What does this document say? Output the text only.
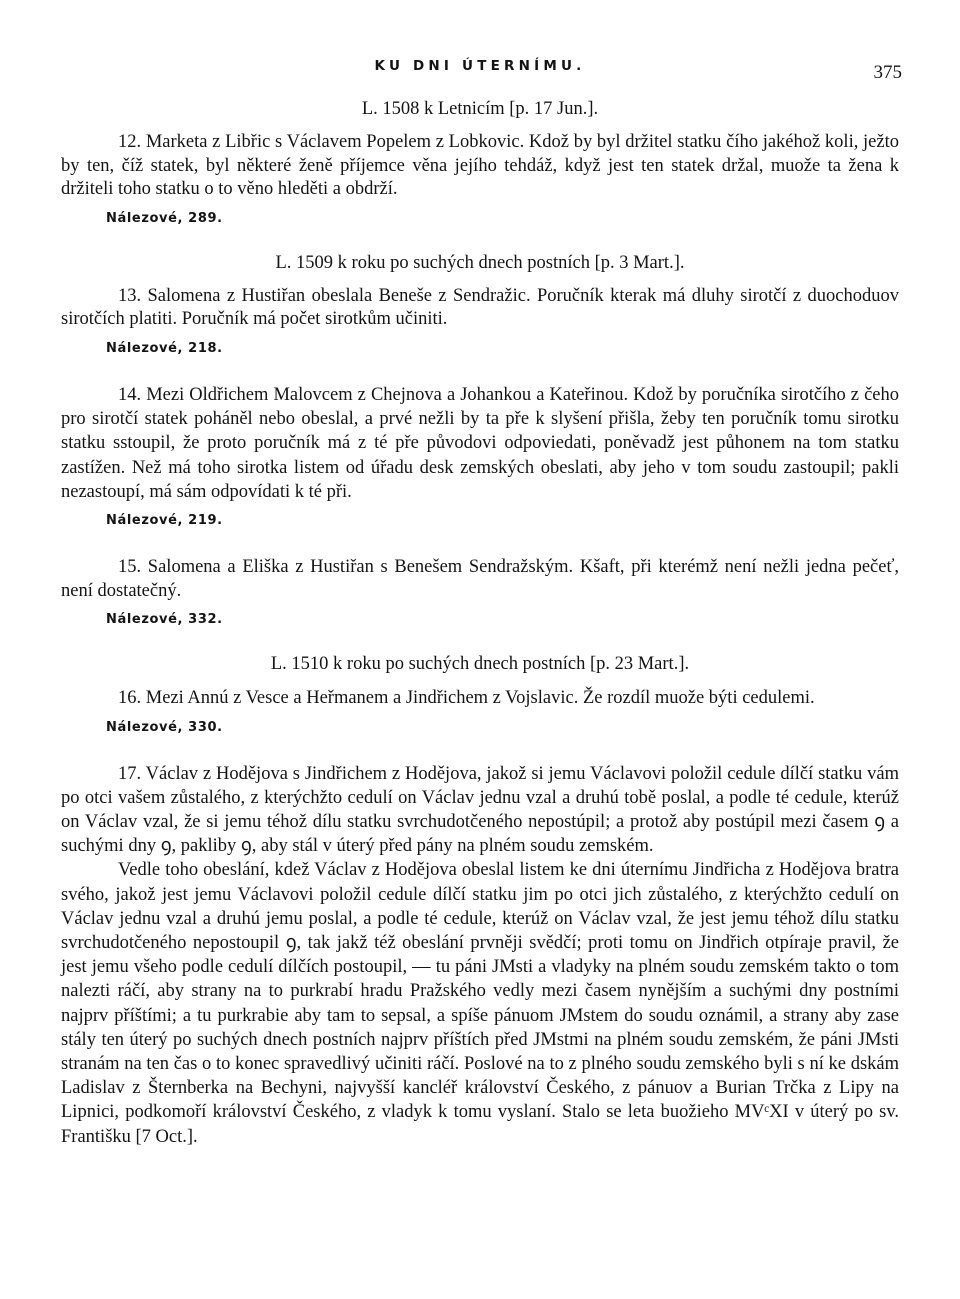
KU DNI ÚTERNÍMU.	375
L. 1508 k Letnicím [p. 17 Jun.].

12. Marketa z Libřic s Václavem Popelem z Lobkovic. Kdož by byl držitel statku čího jakéhož koli, ježto by ten, číž statek, byl některé ženě příjemce věna jejího tehdáž, když jest ten statek držal, muože ta žena k držiteli toho statku o to věno hleděti a obdrží.

Nálezové, 289.
L. 1509 k roku po suchých dnech postních [p. 3 Mart.].

13. Salomena z Hustiřan obeslala Beneše z Sendražic. Poručník kterak má dluhy sirotčí z duochoduov sirotčích platiti. Poručník má počet sirotkům učiniti.

Nálezové, 218.

14. Mezi Oldřichem Malovcem z Chejnova a Johankou a Kateřinou. Kdož by poručníka sirotčího z čeho pro sirotčí statek poháněl nebo obeslal, a prvé nežli by ta pře k slyšení přišla, žeby ten poručník tomu sirotku statku sstoupil, že proto poručník má z té pře původovi odpoviedati, poněvadž jest půhonem na tom statku zastížen. Než má toho sirotka listem od úřadu desk zemských obeslati, aby jeho v tom soudu zastoupil; pakli nezastoupí, má sám odpovídati k té při.

Nálezové, 219.

15. Salomena a Eliška z Hustiřan s Benešem Sendražským. Kšaft, při kterémž není nežli jedna pečeť, není dostatečný.

Nálezové, 332.
L. 1510 k roku po suchých dnech postních [p. 23 Mart.].

16. Mezi Annú z Vesce a Heřmanem a Jindřichem z Vojslavic. Že rozdíl muože býti cedulemi.

Nálezové, 330.

17. Václav z Hodějova s Jindřichem z Hodějova, jakož si jemu Václavovi položil cedule dílčí statku vám po otci vašem zůstalého, z kterýchžto cedulí on Václav jednu vzal a druhú tobě poslal, a podle té cedule, kterúž on Václav vzal, že si jemu téhož dílu statku svrchudotčeného nepostúpil; a protož aby postúpil mezi časem ꝯ a suchými dny ꝯ, pakliby ꝯ, aby stál v úterý před pány na plném soudu zemském.

Vedle toho obeslání, kdež Václav z Hodějova obeslal listem ke dni úternímu Jindřicha z Hodějova bratra svého, jakož jest jemu Václavovi položil cedule dílčí statku jim po otci jich zůstalého, z kterýchžto cedulí on Václav jednu vzal a druhú jemu poslal, a podle té cedule, kterúž on Václav vzal, že jest jemu téhož dílu statku svrchudotčeného nepostoupil ꝯ, tak jakž též obeslání prvněji svědčí; proti tomu on Jindřich otpíraje pravil, že jest jemu všeho podle cedulí dílčích postoupil, — tu páni JMsti a vladyky na plném soudu zemském takto o tom nalezti ráčí, aby strany na to purkrabí hradu Pražského vedly mezi časem nynějším a suchými dny postními najprv příštími; a tu purkrabie aby tam to sepsal, a spíše pánuom JMstem do soudu oznámil, a strany aby zase stály ten úterý po suchých dnech postních najprv příštích před JMstmi na plném soudu zemském, že páni JMsti stranám na ten čas o to konec spravedlivý učiniti ráčí. Poslové na to z plného soudu zemského byli s ní ke dskám Ladislav z Šternberka na Bechyni, najvyšší kancléř království Českého, z pánuov a Burian Trčka z Lipy na Lipnici, podkomoří království Českého, z vladyk k tomu vyslaní. Stalo se leta buožieho MVᶜXI v úterý po sv. Františku [7 Oct.].
